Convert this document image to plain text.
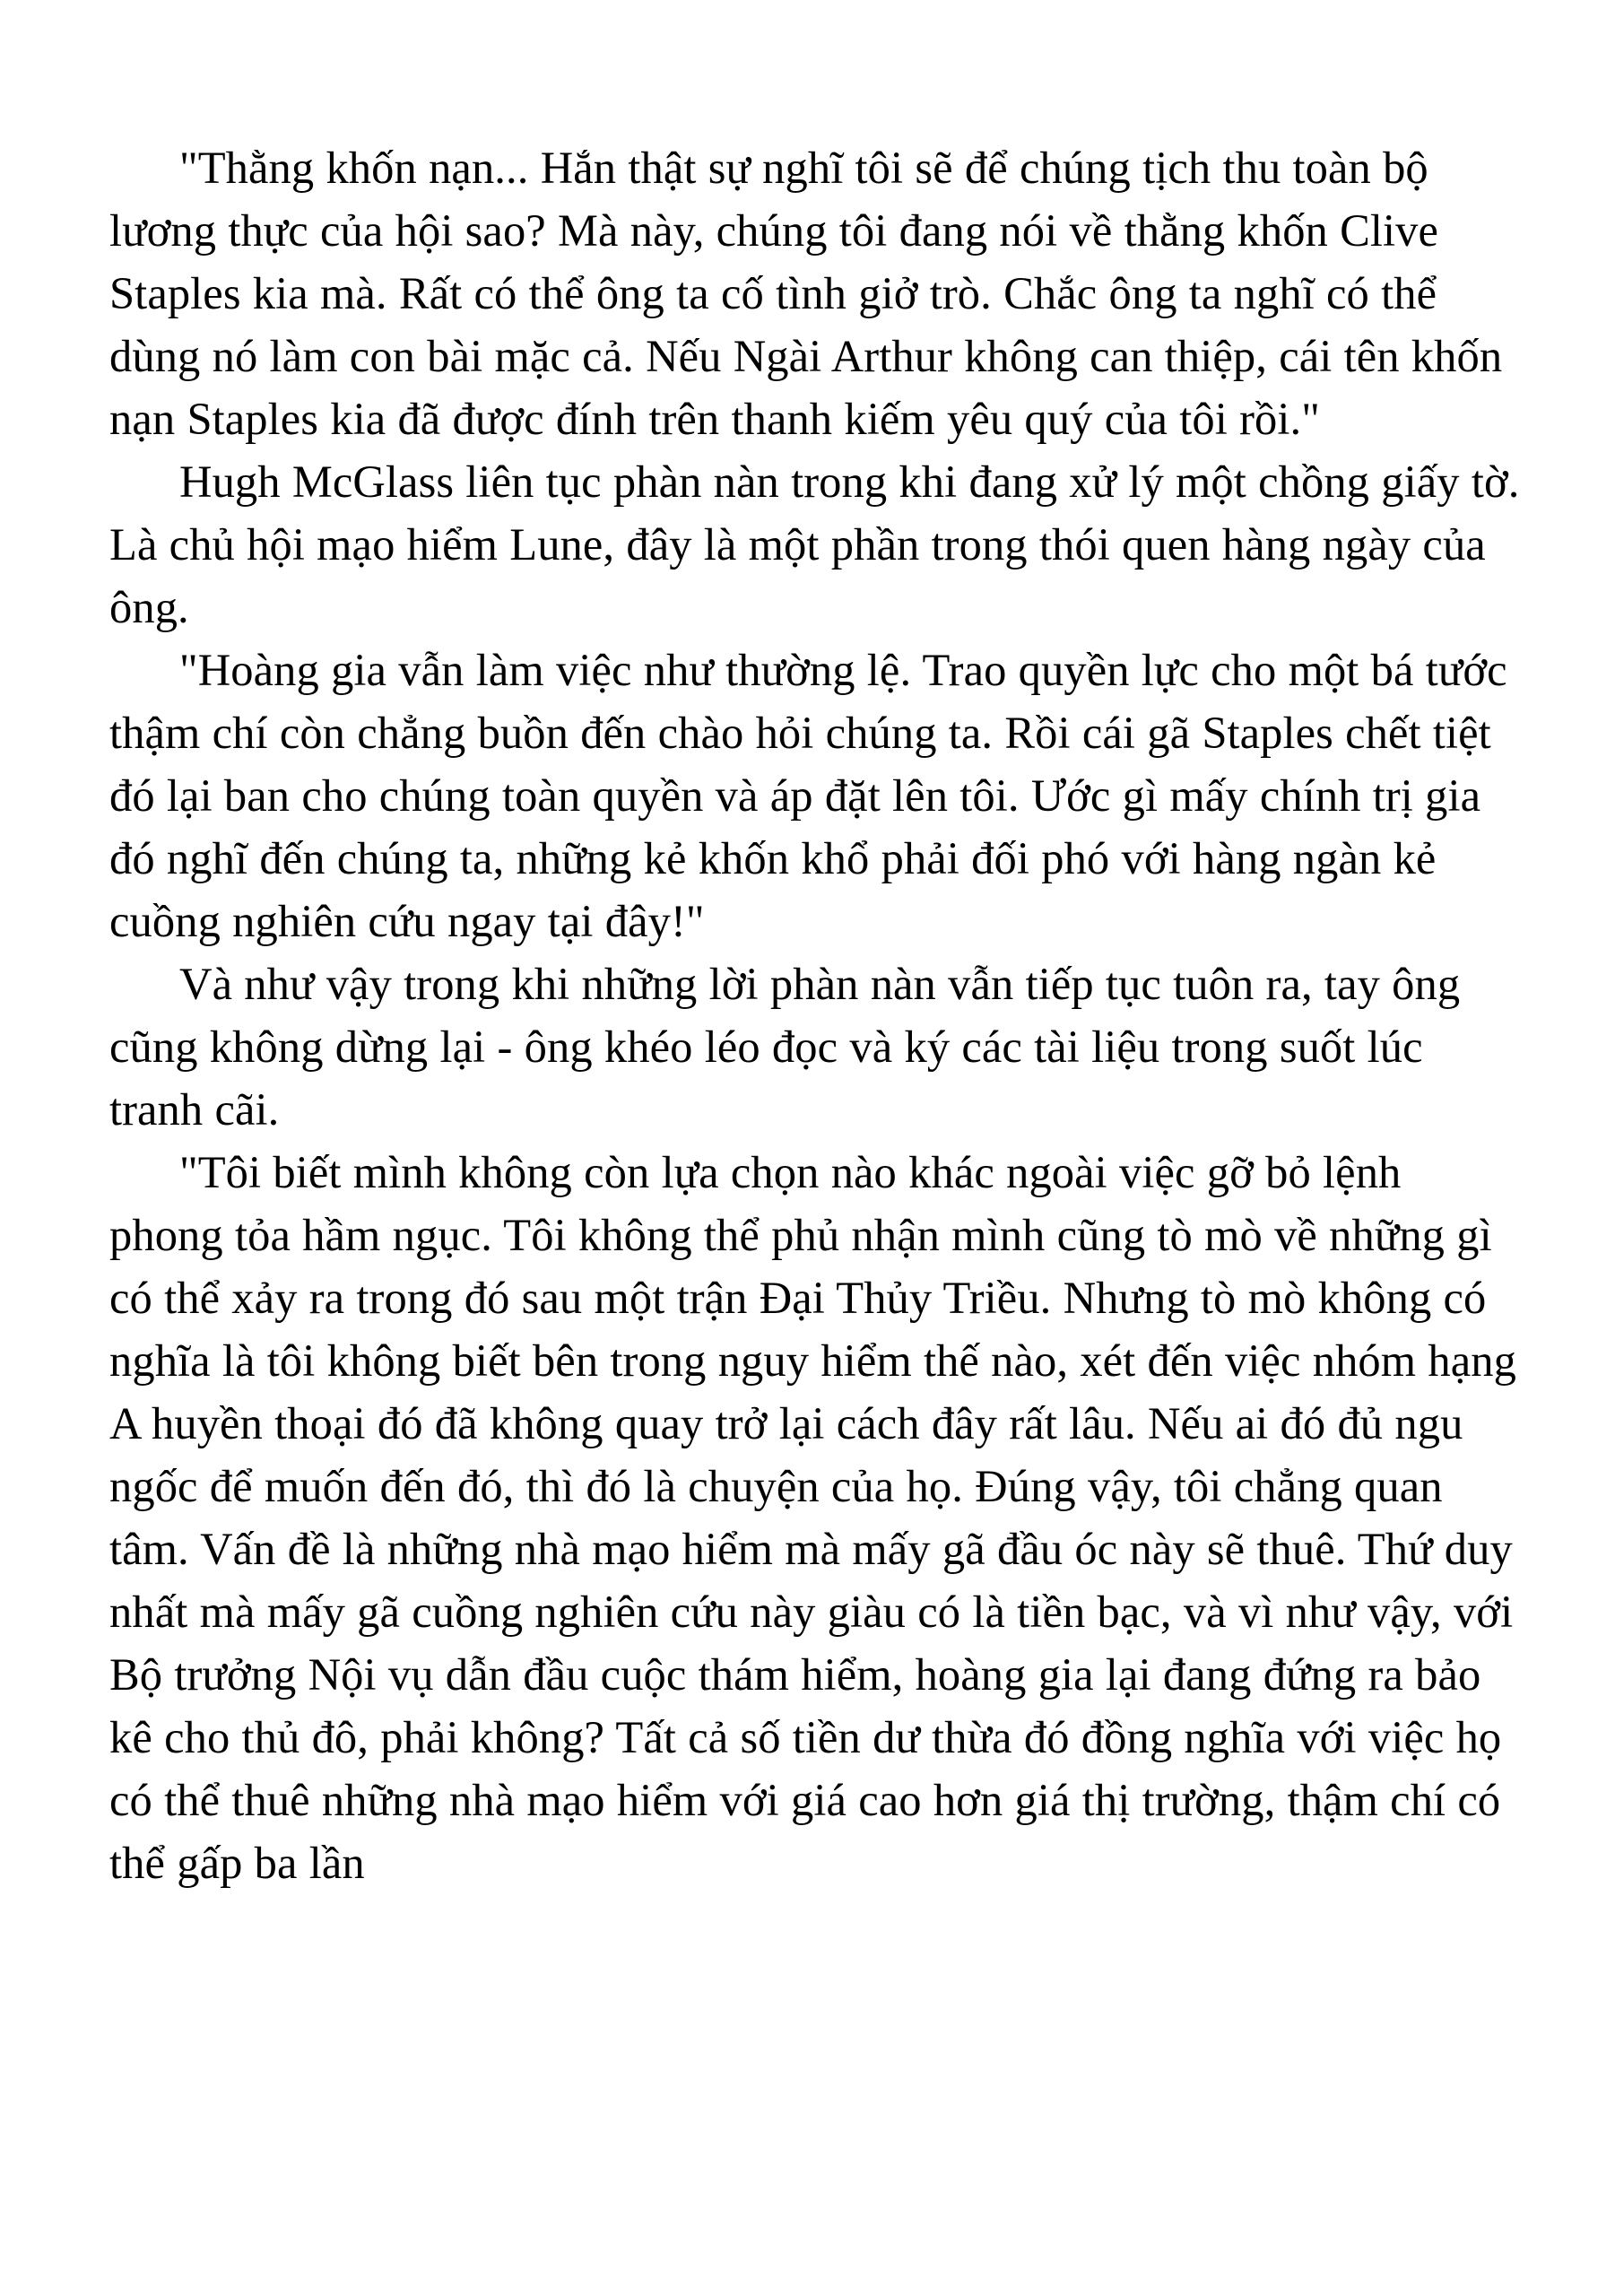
"Thằng khốn nạn... Hắn thật sự nghĩ tôi sẽ để chúng tịch thu toàn bộ lương thực của hội sao? Mà này, chúng tôi đang nói về thằng khốn Clive Staples kia mà. Rất có thể ông ta cố tình giở trò. Chắc ông ta nghĩ có thể dùng nó làm con bài mặc cả. Nếu Ngài Arthur không can thiệp, cái tên khốn nạn Staples kia đã được đính trên thanh kiếm yêu quý của tôi rồi."

Hugh McGlass liên tục phàn nàn trong khi đang xử lý một chồng giấy tờ. Là chủ hội mạo hiểm Lune, đây là một phần trong thói quen hàng ngày của ông.

"Hoàng gia vẫn làm việc như thường lệ. Trao quyền lực cho một bá tước thậm chí còn chẳng buồn đến chào hỏi chúng ta. Rồi cái gã Staples chết tiệt đó lại ban cho chúng toàn quyền và áp đặt lên tôi. Ước gì mấy chính trị gia đó nghĩ đến chúng ta, những kẻ khốn khổ phải đối phó với hàng ngàn kẻ cuồng nghiên cứu ngay tại đây!"

Và như vậy trong khi những lời phàn nàn vẫn tiếp tục tuôn ra, tay ông cũng không dừng lại - ông khéo léo đọc và ký các tài liệu trong suốt lúc tranh cãi.

"Tôi biết mình không còn lựa chọn nào khác ngoài việc gỡ bỏ lệnh phong tỏa hầm ngục. Tôi không thể phủ nhận mình cũng tò mò về những gì có thể xảy ra trong đó sau một trận Đại Thủy Triều. Nhưng tò mò không có nghĩa là tôi không biết bên trong nguy hiểm thế nào, xét đến việc nhóm hạng A huyền thoại đó đã không quay trở lại cách đây rất lâu. Nếu ai đó đủ ngu ngốc để muốn đến đó, thì đó là chuyện của họ. Đúng vậy, tôi chẳng quan tâm. Vấn đề là những nhà mạo hiểm mà mấy gã đầu óc này sẽ thuê. Thứ duy nhất mà mấy gã cuồng nghiên cứu này giàu có là tiền bạc, và vì như vậy, với Bộ trưởng Nội vụ dẫn đầu cuộc thám hiểm, hoàng gia lại đang đứng ra bảo kê cho thủ đô, phải không? Tất cả số tiền dư thừa đó đồng nghĩa với việc họ có thể thuê những nhà mạo hiểm với giá cao hơn giá thị trường, thậm chí có thể gấp ba lần
